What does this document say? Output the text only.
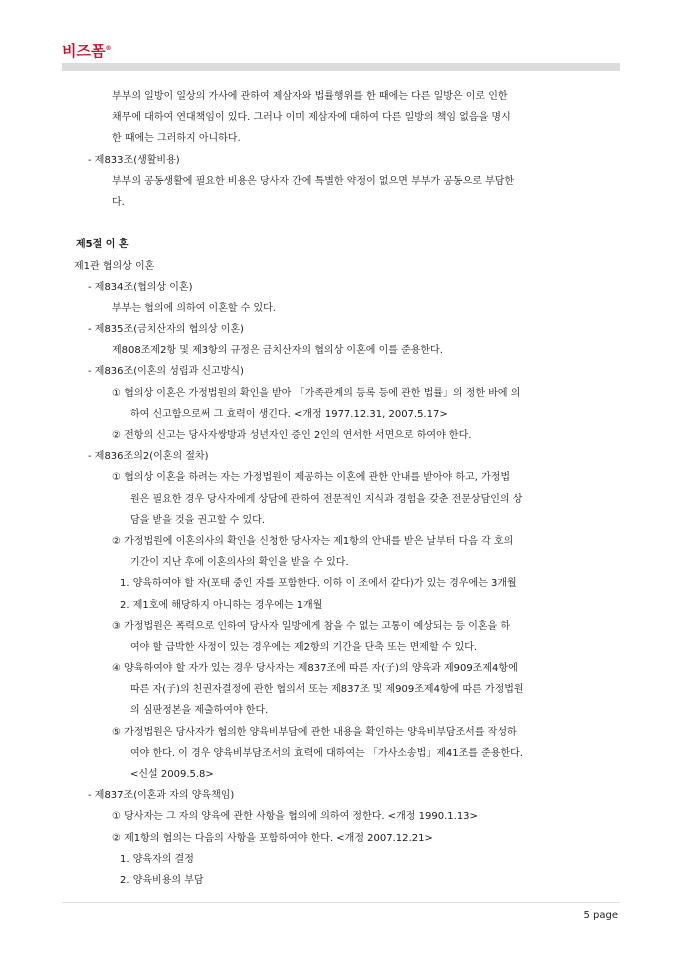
비즈폼®
부부의 일방이 일상의 가사에 관하여 제삼자와 법률행위를 한 때에는 다른 일방은 이로 인한
채무에 대하여 연대책임이 있다. 그러나 이미 제삼자에 대하여 다른 일방의 책임 없음을 명시
한 때에는 그러하지 아니하다.
- 제833조(생활비용)
부부의 공동생활에 필요한 비용은 당사자 간에 특별한 약정이 없으면 부부가 공동으로 부담한
다.
제5절 이 혼
제1관 협의상 이혼
- 제834조(협의상 이혼)
부부는 협의에 의하여 이혼할 수 있다.
- 제835조(금치산자의 협의상 이혼)
제808조제2항 및 제3항의 규정은 금치산자의 협의상 이혼에 이를 준용한다.
- 제836조(이혼의 성립과 신고방식)
① 협의상 이혼은 가정법원의 확인을 받아 「가족관계의 등록 등에 관한 법률」의 정한 바에 의
하여 신고함으로써 그 효력이 생긴다. <개정 1977.12.31, 2007.5.17>
② 전항의 신고는 당사자쌍방과 성년자인 증인 2인의 연서한 서면으로 하여야 한다.
- 제836조의2(이혼의 절차)
① 협의상 이혼을 하려는 자는 가정법원이 제공하는 이혼에 관한 안내를 받아야 하고, 가정법
원은 필요한 경우 당사자에게 상담에 관하여 전문적인 지식과 경험을 갖춘 전문상담인의 상
담을 받을 것을 권고할 수 있다.
② 가정법원에 이혼의사의 확인을 신청한 당사자는 제1항의 안내를 받은 날부터 다음 각 호의
기간이 지난 후에 이혼의사의 확인을 받을 수 있다.
1. 양육하여야 할 자(포태 중인 자를 포함한다. 이하 이 조에서 같다)가 있는 경우에는 3개월
2. 제1호에 해당하지 아니하는 경우에는 1개월
③ 가정법원은 폭력으로 인하여 당사자 일방에게 참을 수 없는 고통이 예상되는 등 이혼을 하
여야 할 급박한 사정이 있는 경우에는 제2항의 기간을 단축 또는 면제할 수 있다.
④ 양육하여야 할 자가 있는 경우 당사자는 제837조에 따른 자(子)의 양육과 제909조제4항에
따른 자(子)의 친권자결정에 관한 협의서 또는 제837조 및 제909조제4항에 따른 가정법원
의 심판정본을 제출하여야 한다.
⑤ 가정법원은 당사자가 협의한 양육비부담에 관한 내용을 확인하는 양육비부담조서를 작성하
여야 한다. 이 경우 양육비부담조서의 효력에 대하여는 「가사소송법」제41조를 준용한다.
<신설 2009.5.8>
- 제837조(이혼과 자의 양육책임)
① 당사자는 그 자의 양육에 관한 사항을 협의에 의하여 정한다. <개정 1990.1.13>
② 제1항의 협의는 다음의 사항을 포함하여야 한다. <개정 2007.12.21>
1. 양육자의 결정
2. 양육비용의 부담
5 page
